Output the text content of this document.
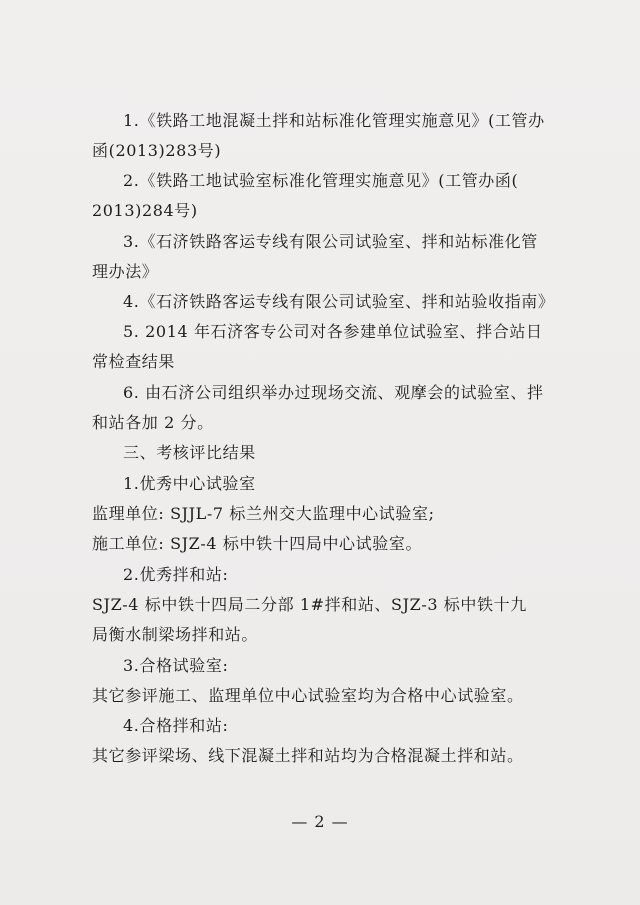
1.《铁路工地混凝土拌和站标准化管理实施意见》(工管办
函(2013)283号)
2.《铁路工地试验室标准化管理实施意见》(工管办函(
2013)284号)
3.《石济铁路客运专线有限公司试验室、拌和站标准化管
理办法》
4.《石济铁路客运专线有限公司试验室、拌和站验收指南》
5. 2014 年石济客专公司对各参建单位试验室、拌合站日
常检查结果
6. 由石济公司组织举办过现场交流、观摩会的试验室、拌
和站各加 2 分。
三、考核评比结果
1.优秀中心试验室
监理单位: SJJL-7 标兰州交大监理中心试验室;
施工单位: SJZ-4 标中铁十四局中心试验室。
2.优秀拌和站:
SJZ-4 标中铁十四局二分部 1#拌和站、SJZ-3 标中铁十九
局衡水制梁场拌和站。
3.合格试验室:
其它参评施工、监理单位中心试验室均为合格中心试验室。
4.合格拌和站:
其它参评梁场、线下混凝土拌和站均为合格混凝土拌和站。
— 2 —
